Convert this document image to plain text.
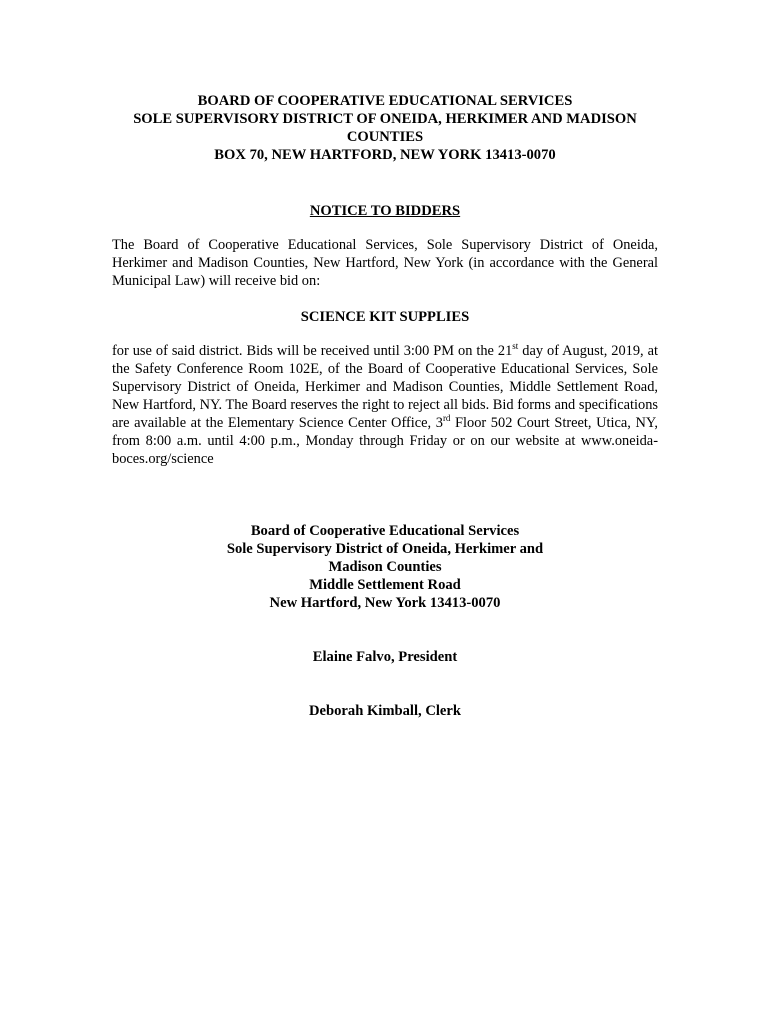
BOARD OF COOPERATIVE EDUCATIONAL SERVICES
SOLE SUPERVISORY DISTRICT OF ONEIDA, HERKIMER AND MADISON
COUNTIES
BOX 70, NEW HARTFORD, NEW YORK 13413-0070
NOTICE TO BIDDERS

The Board of Cooperative Educational Services, Sole Supervisory District of Oneida, Herkimer and Madison Counties, New Hartford, New York (in accordance with the General Municipal Law) will receive bid on:

SCIENCE KIT SUPPLIES

for use of said district. Bids will be received until 3:00 PM on the 21st day of August, 2019, at the Safety Conference Room 102E, of the Board of Cooperative Educational Services, Sole Supervisory District of Oneida, Herkimer and Madison Counties, Middle Settlement Road, New Hartford, NY. The Board reserves the right to reject all bids. Bid forms and specifications are available at the Elementary Science Center Office, 3rd Floor 502 Court Street, Utica, NY, from 8:00 a.m. until 4:00 p.m., Monday through Friday or on our website at www.oneida-boces.org/science

Board of Cooperative Educational Services
Sole Supervisory District of Oneida, Herkimer and
Madison Counties
Middle Settlement Road
New Hartford, New York 13413-0070
Elaine Falvo, President
Deborah Kimball, Clerk
